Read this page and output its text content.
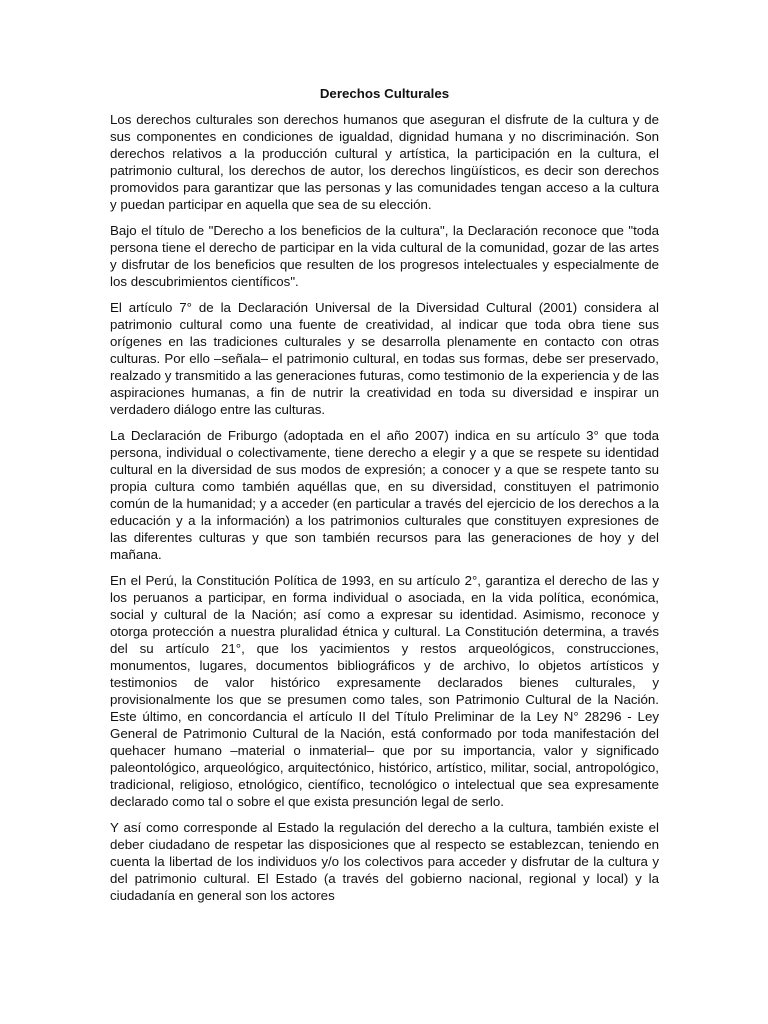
Derechos Culturales

Los derechos culturales son derechos humanos que aseguran el disfrute de la cultura y de sus componentes en condiciones de igualdad, dignidad humana y no discriminación. Son derechos relativos a la producción cultural y artística, la participación en la cultura, el patrimonio cultural, los derechos de autor, los derechos lingüísticos, es decir son derechos promovidos para garantizar que las personas y las comunidades tengan acceso a la cultura y puedan participar en aquella que sea de su elección.

Bajo el título de "Derecho a los beneficios de la cultura", la Declaración reconoce que "toda persona tiene el derecho de participar en la vida cultural de la comunidad, gozar de las artes y disfrutar de los beneficios que resulten de los progresos intelectuales y especialmente de los descubrimientos científicos".

El artículo 7° de la Declaración Universal de la Diversidad Cultural (2001) considera al patrimonio cultural como una fuente de creatividad, al indicar que toda obra tiene sus orígenes en las tradiciones culturales y se desarrolla plenamente en contacto con otras culturas. Por ello –señala– el patrimonio cultural, en todas sus formas, debe ser preservado, realzado y transmitido a las generaciones futuras, como testimonio de la experiencia y de las aspiraciones humanas, a fin de nutrir la creatividad en toda su diversidad e inspirar un verdadero diálogo entre las culturas.

La Declaración de Friburgo (adoptada en el año 2007) indica en su artículo 3° que toda persona, individual o colectivamente, tiene derecho a elegir y a que se respete su identidad cultural en la diversidad de sus modos de expresión; a conocer y a que se respete tanto su propia cultura como también aquéllas que, en su diversidad, constituyen el patrimonio común de la humanidad; y a acceder (en particular a través del ejercicio de los derechos a la educación y a la información) a los patrimonios culturales que constituyen expresiones de las diferentes culturas y que son también recursos para las generaciones de hoy y del mañana.

En el Perú, la Constitución Política de 1993, en su artículo 2°, garantiza el derecho de las y los peruanos a participar, en forma individual o asociada, en la vida política, económica, social y cultural de la Nación; así como a expresar su identidad. Asimismo, reconoce y otorga protección a nuestra pluralidad étnica y cultural. La Constitución determina, a través del su artículo 21°, que los yacimientos y restos arqueológicos, construcciones, monumentos, lugares, documentos bibliográficos y de archivo, lo objetos artísticos y testimonios de valor histórico expresamente declarados bienes culturales, y provisionalmente los que se presumen como tales, son Patrimonio Cultural de la Nación. Este último, en concordancia el artículo II del Título Preliminar de la Ley N° 28296 - Ley General de Patrimonio Cultural de la Nación, está conformado por toda manifestación del quehacer humano –material o inmaterial– que por su importancia, valor y significado paleontológico, arqueológico, arquitectónico, histórico, artístico, militar, social, antropológico, tradicional, religioso, etnológico, científico, tecnológico o intelectual que sea expresamente declarado como tal o sobre el que exista presunción legal de serlo.

Y así como corresponde al Estado la regulación del derecho a la cultura, también existe el deber ciudadano de respetar las disposiciones que al respecto se establezcan, teniendo en cuenta la libertad de los individuos y/o los colectivos para acceder y disfrutar de la cultura y del patrimonio cultural. El Estado (a través del gobierno nacional, regional y local) y la ciudadanía en general son los actores
